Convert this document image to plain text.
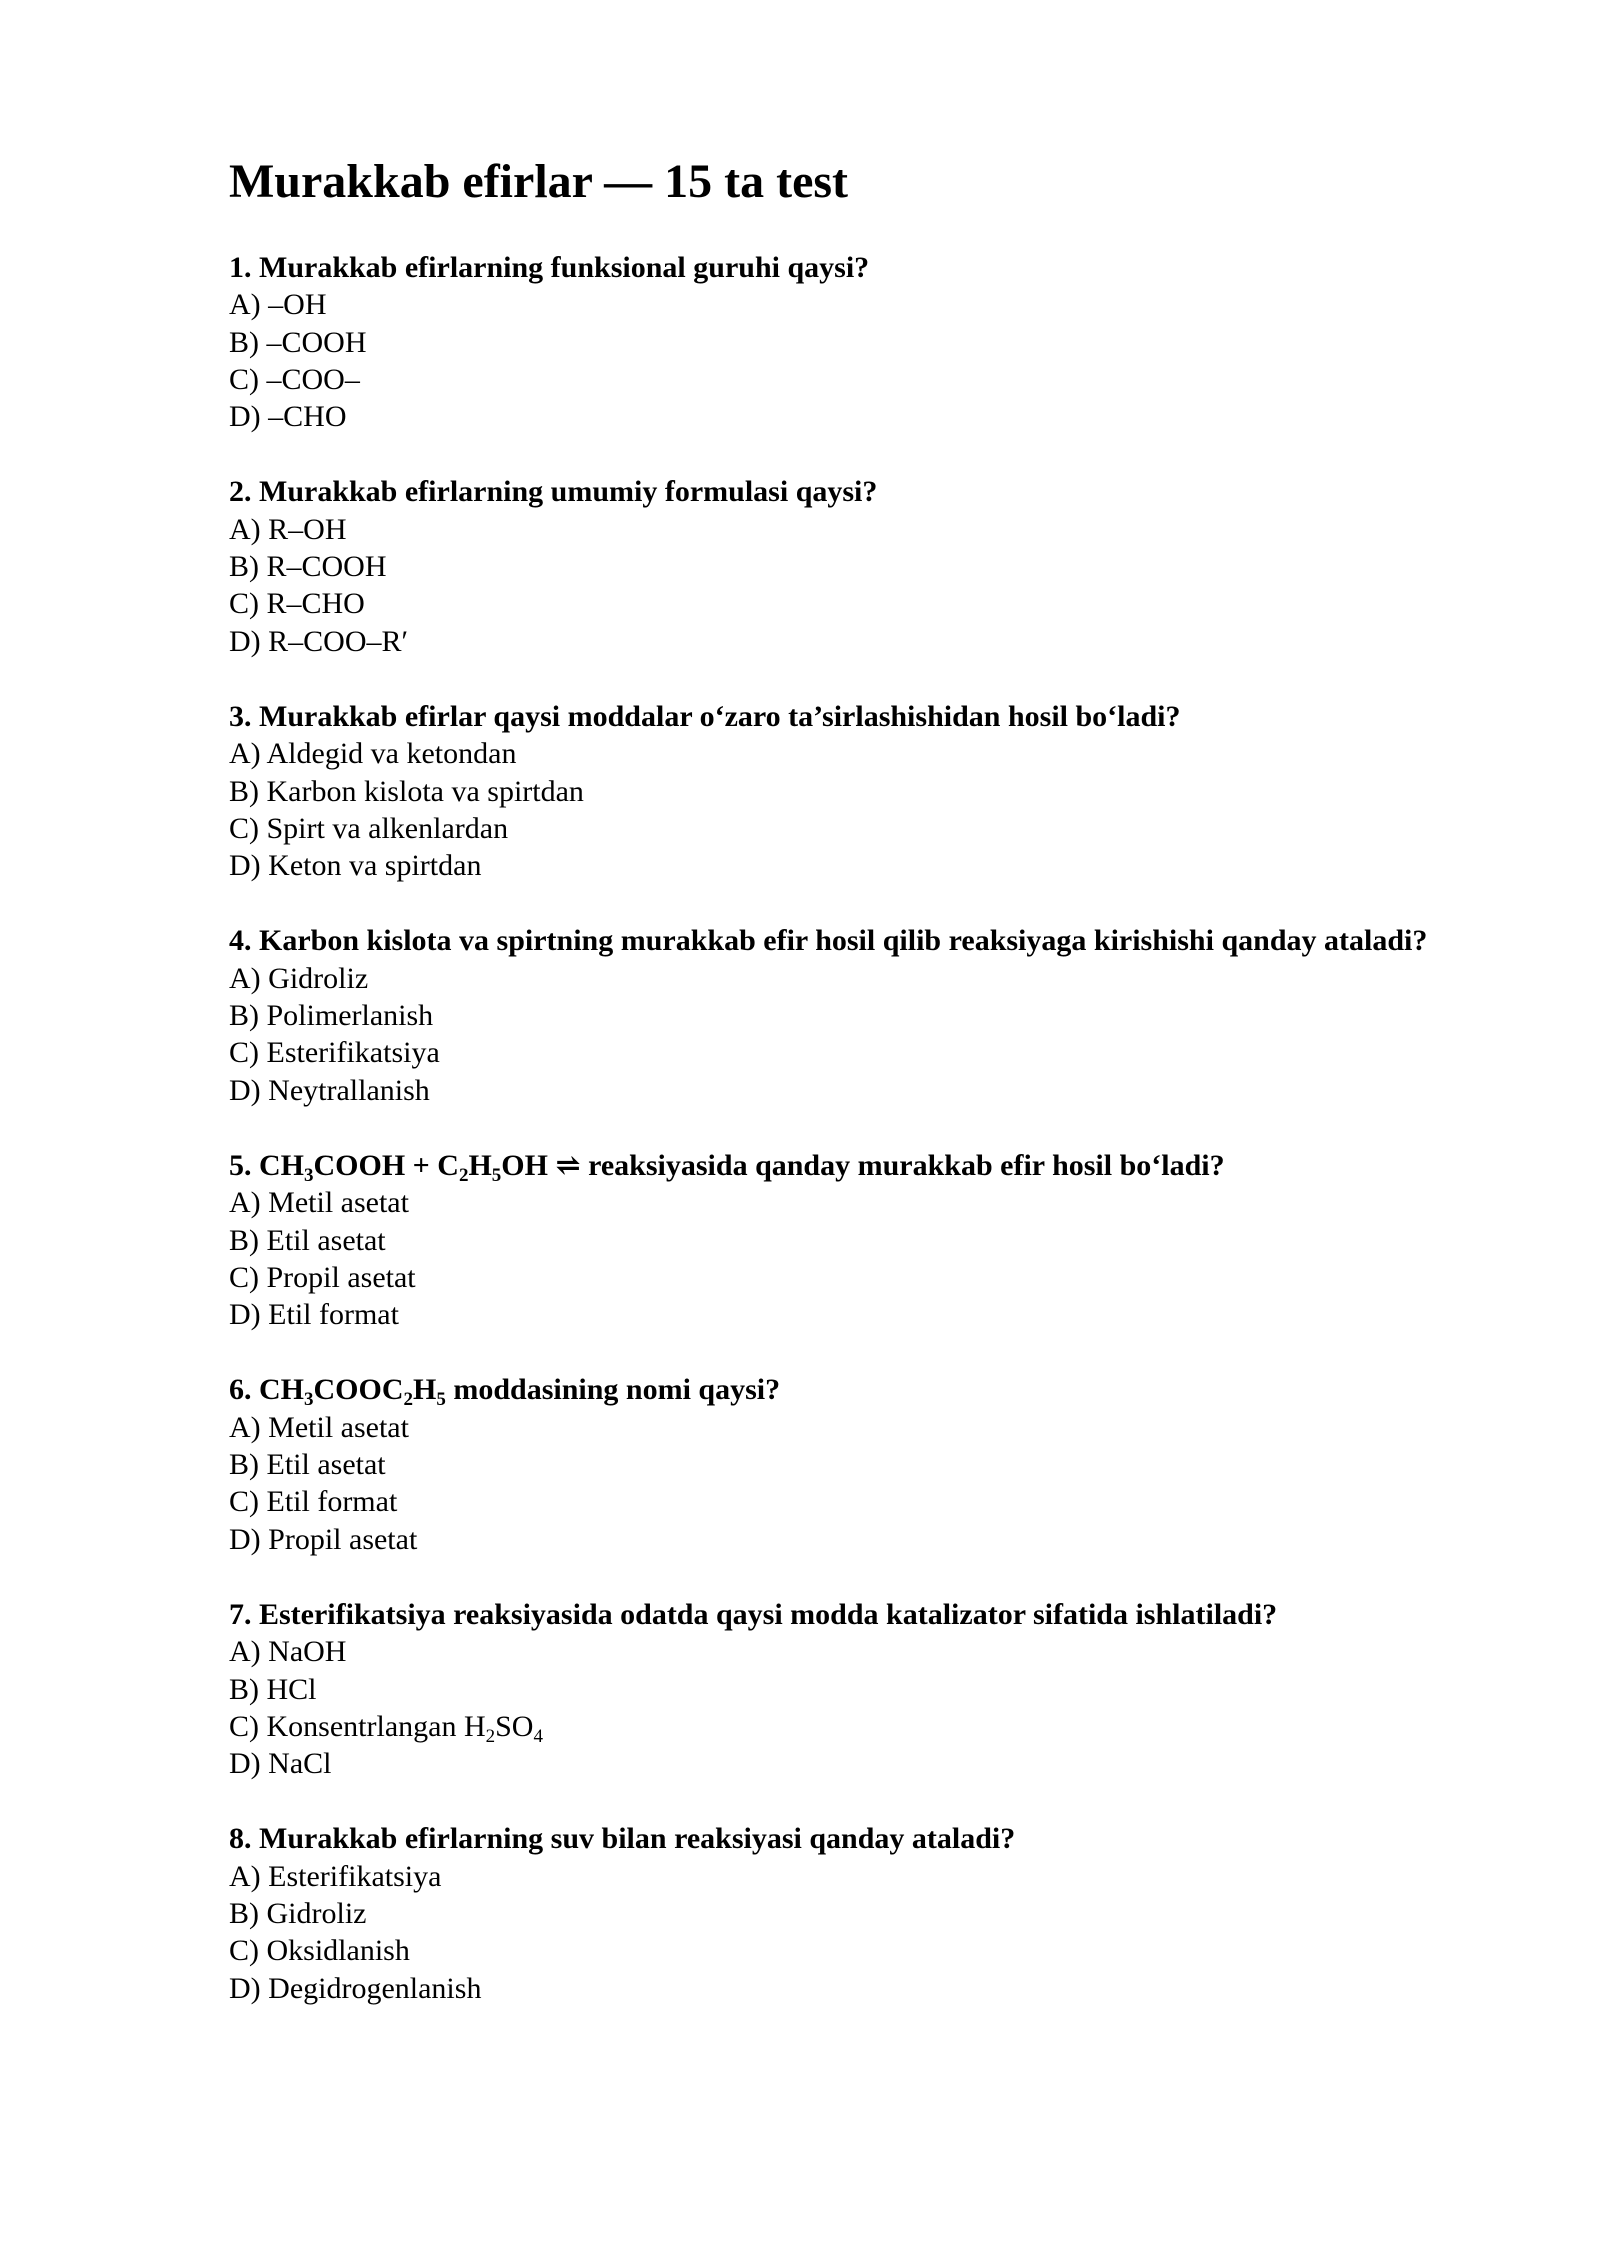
Murakkab efirlar — 15 ta test

1. Murakkab efirlarning funksional guruhi qaysi?

A) –OH

B) –COOH

C) –COO–

D) –CHO

2. Murakkab efirlarning umumiy formulasi qaysi?

A) R–OH

B) R–COOH

C) R–CHO

D) R–COO–R′

3. Murakkab efirlar qaysi moddalar o‘zaro ta’sirlashishidan hosil bo‘ladi?

A) Aldegid va ketondan

B) Karbon kislota va spirtdan

C) Spirt va alkenlardan

D) Keton va spirtdan

4. Karbon kislota va spirtning murakkab efir hosil qilib reaksiyaga kirishishi qanday ataladi?

A) Gidroliz

B) Polimerlanish

C) Esterifikatsiya

D) Neytrallanish

5. $CH_3COOH + C_2H_5OH$ ⇌ reaksiyasida qanday murakkab efir hosil bo‘ladi?

A) Metil asetat

B) Etil asetat

C) Propil asetat

D) Etil format

6. $CH_3COOC_2H_5$ moddasining nomi qaysi?

A) Metil asetat

B) Etil asetat

C) Etil format

D) Propil asetat

7. Esterifikatsiya reaksiyasida odatda qaysi modda katalizator sifatida ishlatiladi?

A) NaOH

B) HCl

C) Konsentrlangan $H_2SO_4$

D) NaCl

8. Murakkab efirlarning suv bilan reaksiyasi qanday ataladi?

A) Esterifikatsiya

B) Gidroliz

C) Oksidlanish

D) Degidrogenlanish
